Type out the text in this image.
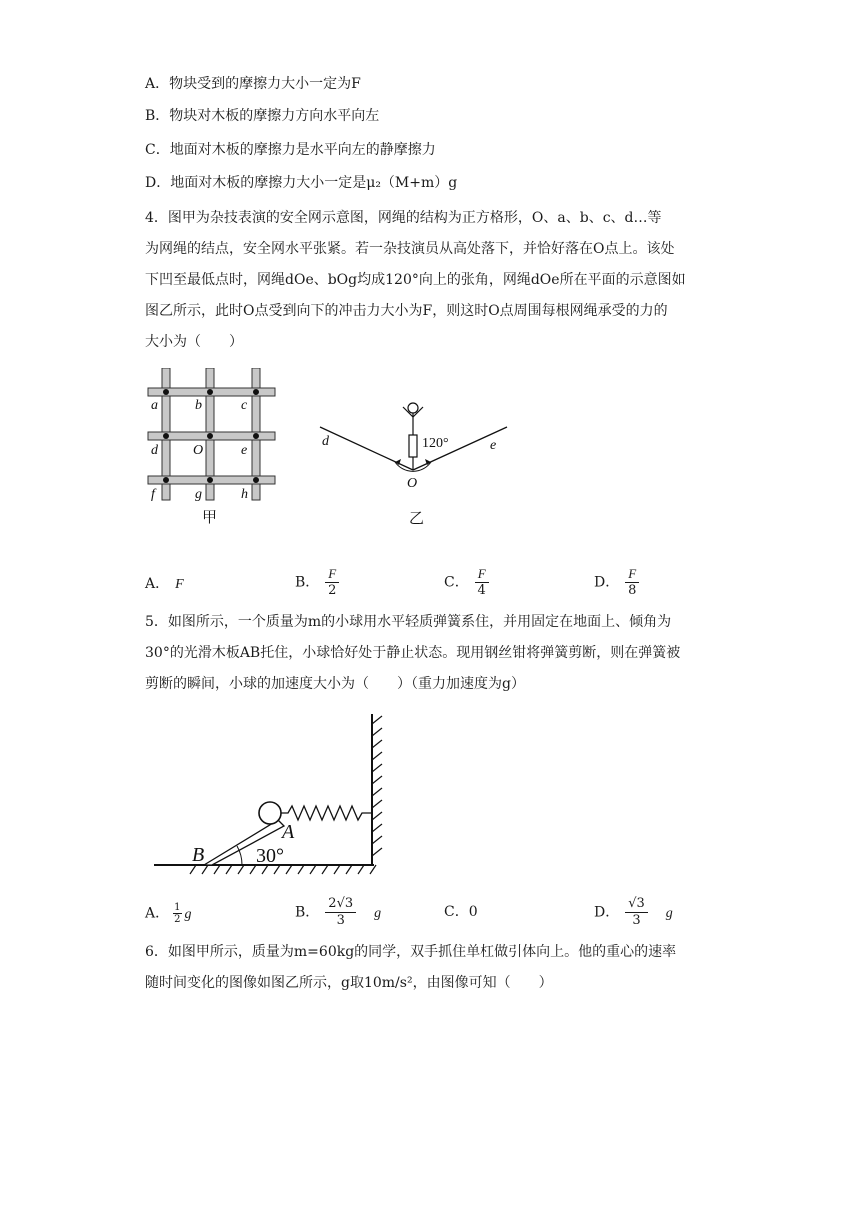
A．物块受到的摩擦力大小一定为F
B．物块对木板的摩擦力方向水平向左
C．地面对木板的摩擦力是水平向左的静摩擦力
D．地面对木板的摩擦力大小一定是μ₂（M+m）g
4．图甲为杂技表演的安全网示意图，网绳的结构为正方格形，O、a、b、c、d…等
为网绳的结点，安全网水平张紧。若一杂技演员从高处落下，并恰好落在O点上。该处
下凹至最低点时，网绳dOe、bOg均成120°向上的张角，网绳dOe所在平面的示意图如
图乙所示，此时O点受到向下的冲击力大小为F，则这时O点周围每根网绳承受的力的
大小为（　　）
a	b	c
d	O	e
f	g	h
甲
120°
d	e
O
乙
A． F	B． $\frac{F}{2}$	C． $\frac{F}{4}$	D． $\frac{F}{8}$
5．如图所示，一个质量为m的小球用水平轻质弹簧系住，并用固定在地面上、倾角为
30°的光滑木板AB托住，小球恰好处于静止状态。现用钢丝钳将弹簧剪断，则在弹簧被
剪断的瞬间，小球的加速度大小为（　　）（重力加速度为g）
A
B	30°
A． $\frac{1}{2}$ g	B． $\frac{2√3}{3}$ g	C．0	D． $\frac{√3}{3}$ g
6．如图甲所示，质量为m=60kg的同学，双手抓住单杠做引体向上。他的重心的速率
随时间变化的图像如图乙所示，g取10m/s²，由图像可知（　　）
